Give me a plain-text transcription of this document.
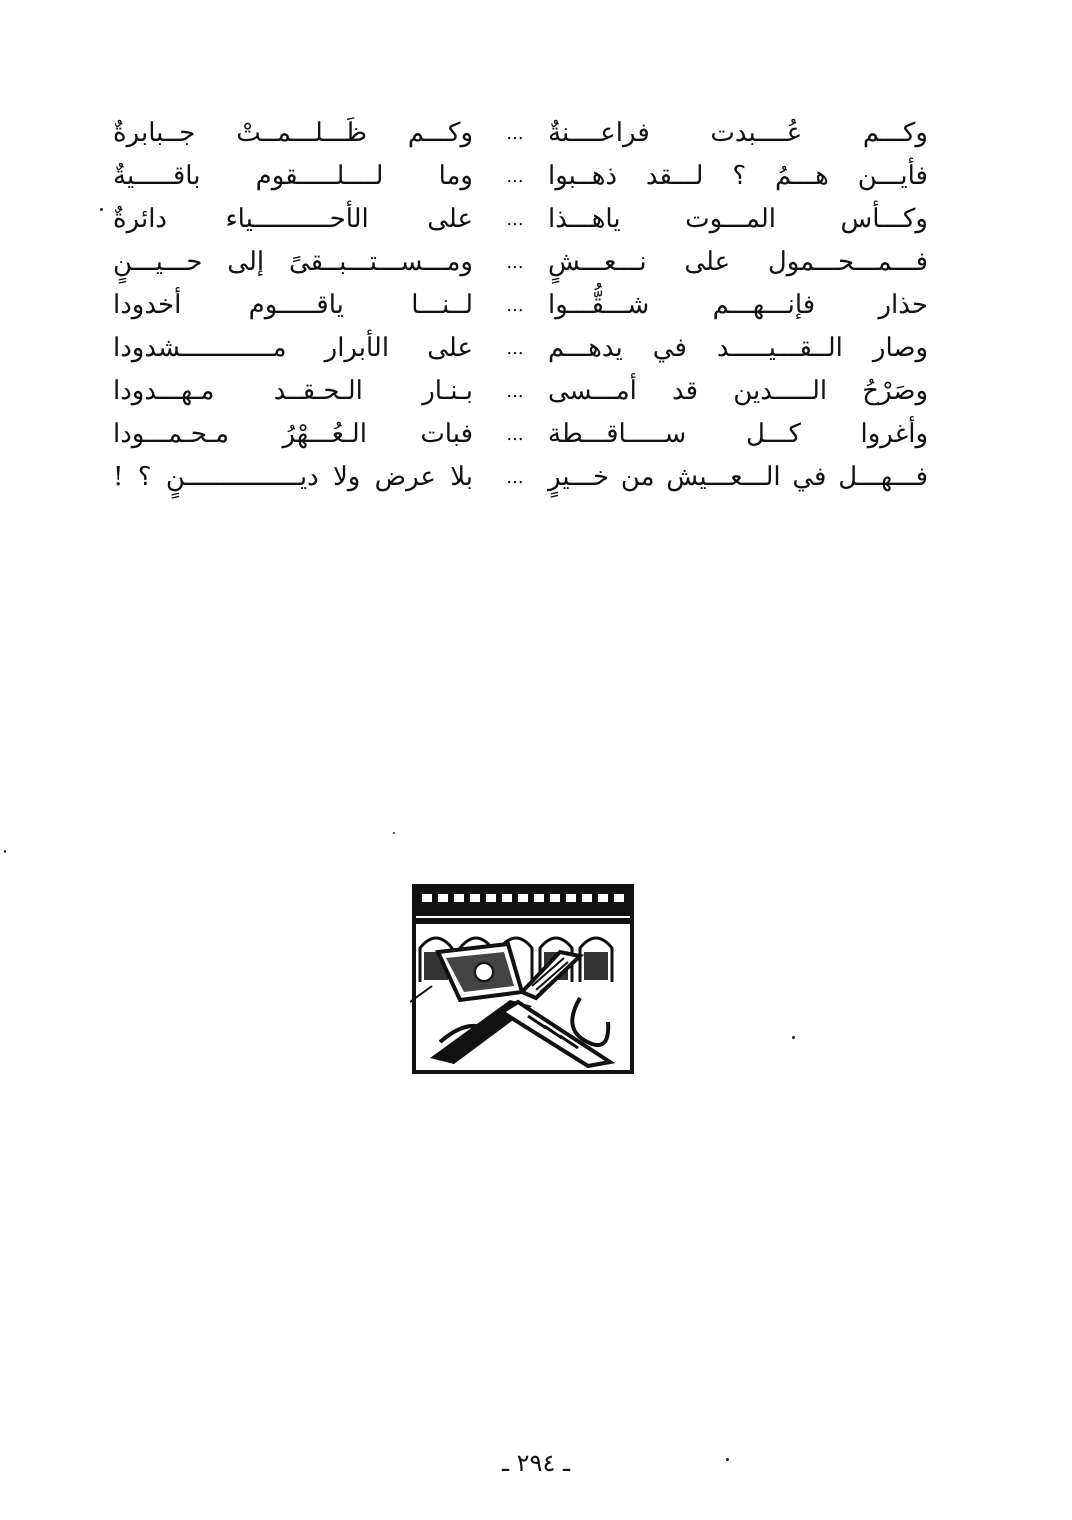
وكـــم عُــــبدت فراعــــنةٌ
...
وكـــم ظَـــلـــمــتْ جــبابرةٌ
فأيـــن هـــمُ ؟ لـــقد ذهــبوا
...
وما لــــلـــــقوم باقـــــيةٌ
وكـــأس المـــوت ياهـــذا
...
على الأحــــــــــياء دائرةٌ
فـــمـــحـــمول على نـــعـــشٍ
...
ومـــســـتـــبــقىً إلى حـــيـــنٍ
حذار فإنـــهـــم شـــقُّـــوا
...
لــنـــا ياقـــــوم أخدودا
وصار الــقـــيـــــد في يدهـــم
...
على الأبرار مــــــــــــشدودا
وصَرْحُ الـــــدين قد أمـــسى
...
بـنـار الـحـقــد مـهـــدودا
وأغروا كـــل ســـــاقـــطة
...
فبات الـعُـــهْرُ مـحـمـــودا
فـــهـــل في الـــعـــيش من خـــيرٍ
...
بلا عرض ولا ديـــــــــــــــنٍ ؟ !
ـ ٢٩٤ ـ
